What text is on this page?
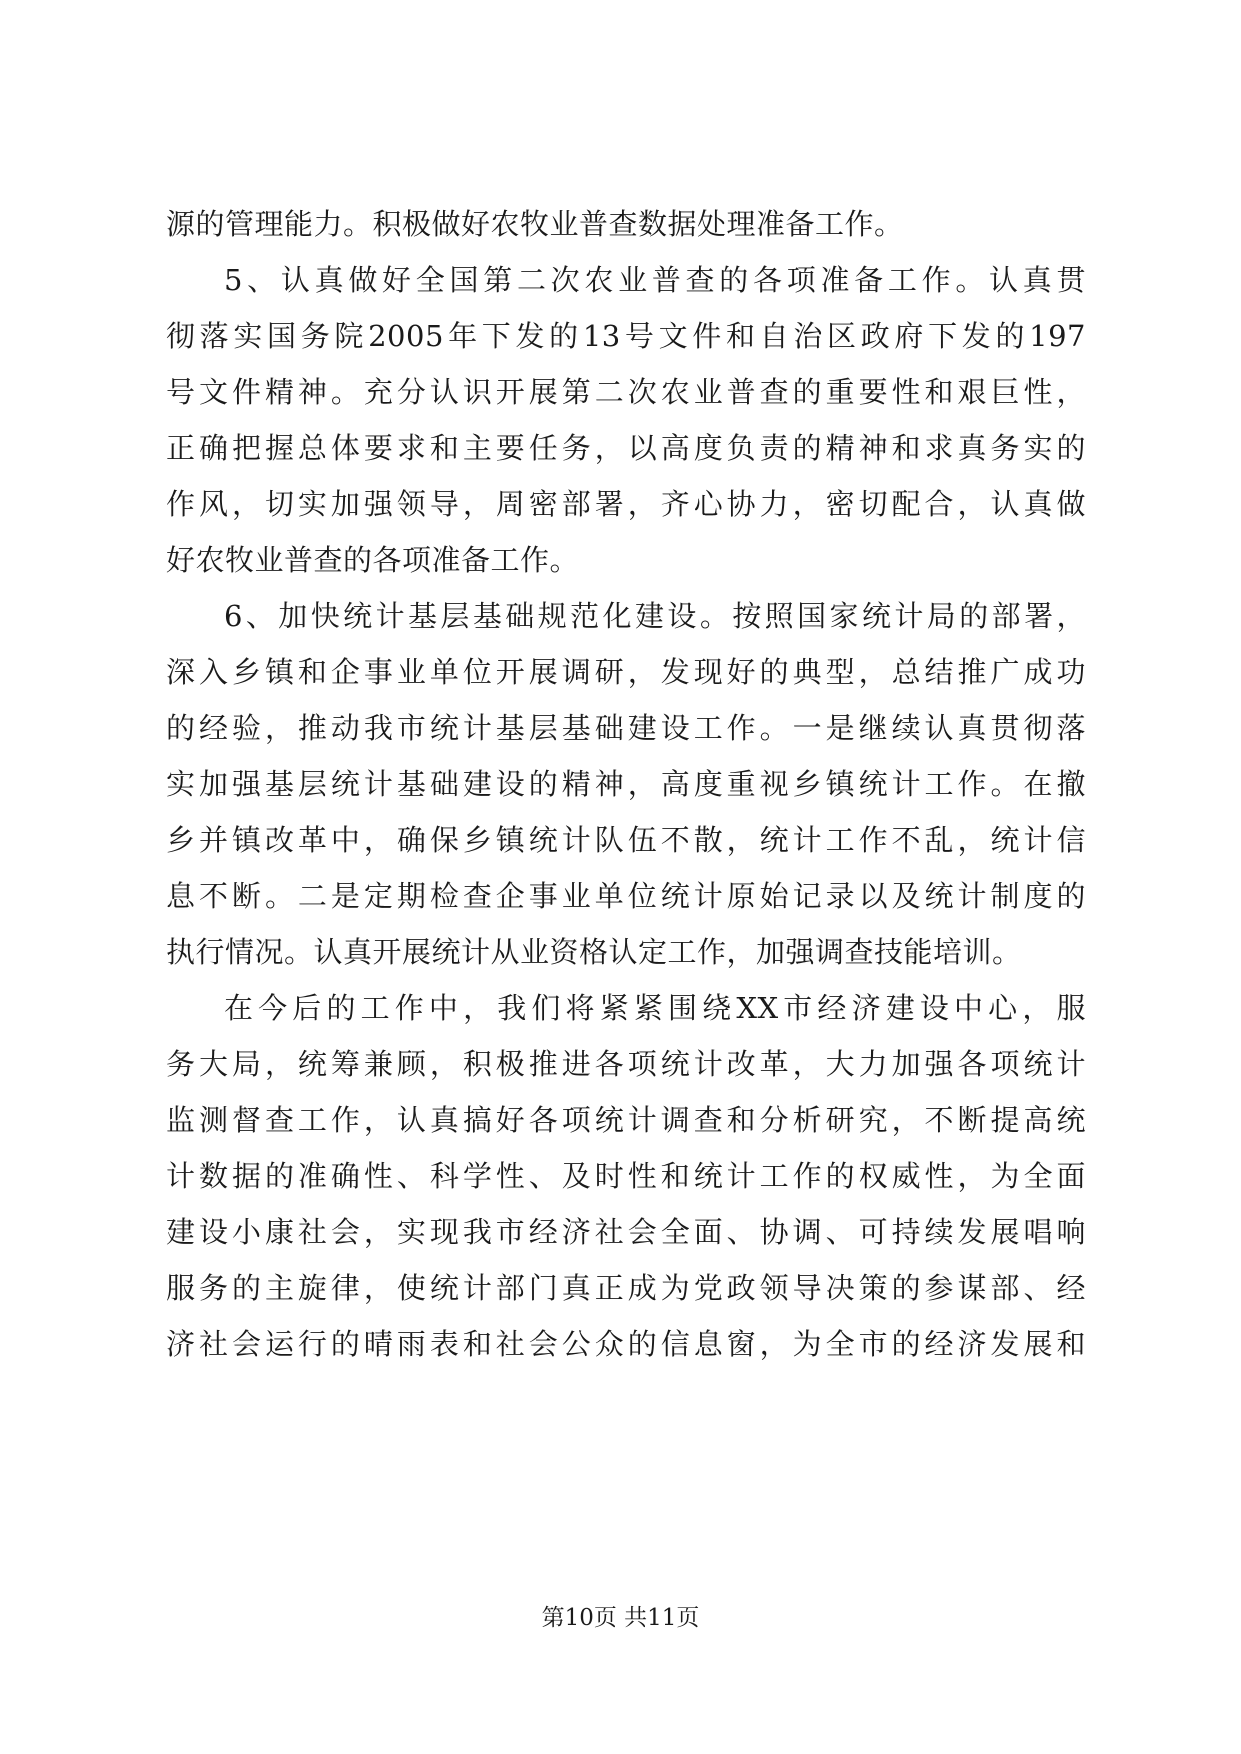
源的管理能力。积极做好农牧业普查数据处理准备工作。
5、认真做好全国第二次农业普查的各项准备工作。认真贯
彻落实国务院2005年下发的13号文件和自治区政府下发的197
号文件精神。充分认识开展第二次农业普查的重要性和艰巨性，
正确把握总体要求和主要任务，以高度负责的精神和求真务实的
作风，切实加强领导，周密部署，齐心协力，密切配合，认真做
好农牧业普查的各项准备工作。
6、加快统计基层基础规范化建设。按照国家统计局的部署，
深入乡镇和企事业单位开展调研，发现好的典型，总结推广成功
的经验，推动我市统计基层基础建设工作。一是继续认真贯彻落
实加强基层统计基础建设的精神，高度重视乡镇统计工作。在撤
乡并镇改革中，确保乡镇统计队伍不散，统计工作不乱，统计信
息不断。二是定期检查企事业单位统计原始记录以及统计制度的
执行情况。认真开展统计从业资格认定工作，加强调查技能培训。
在今后的工作中，我们将紧紧围绕XX市经济建设中心，服
务大局，统筹兼顾，积极推进各项统计改革，大力加强各项统计
监测督查工作，认真搞好各项统计调查和分析研究，不断提高统
计数据的准确性、科学性、及时性和统计工作的权威性，为全面
建设小康社会，实现我市经济社会全面、协调、可持续发展唱响
服务的主旋律，使统计部门真正成为党政领导决策的参谋部、经
济社会运行的晴雨表和社会公众的信息窗，为全市的经济发展和
第10页 共11页
